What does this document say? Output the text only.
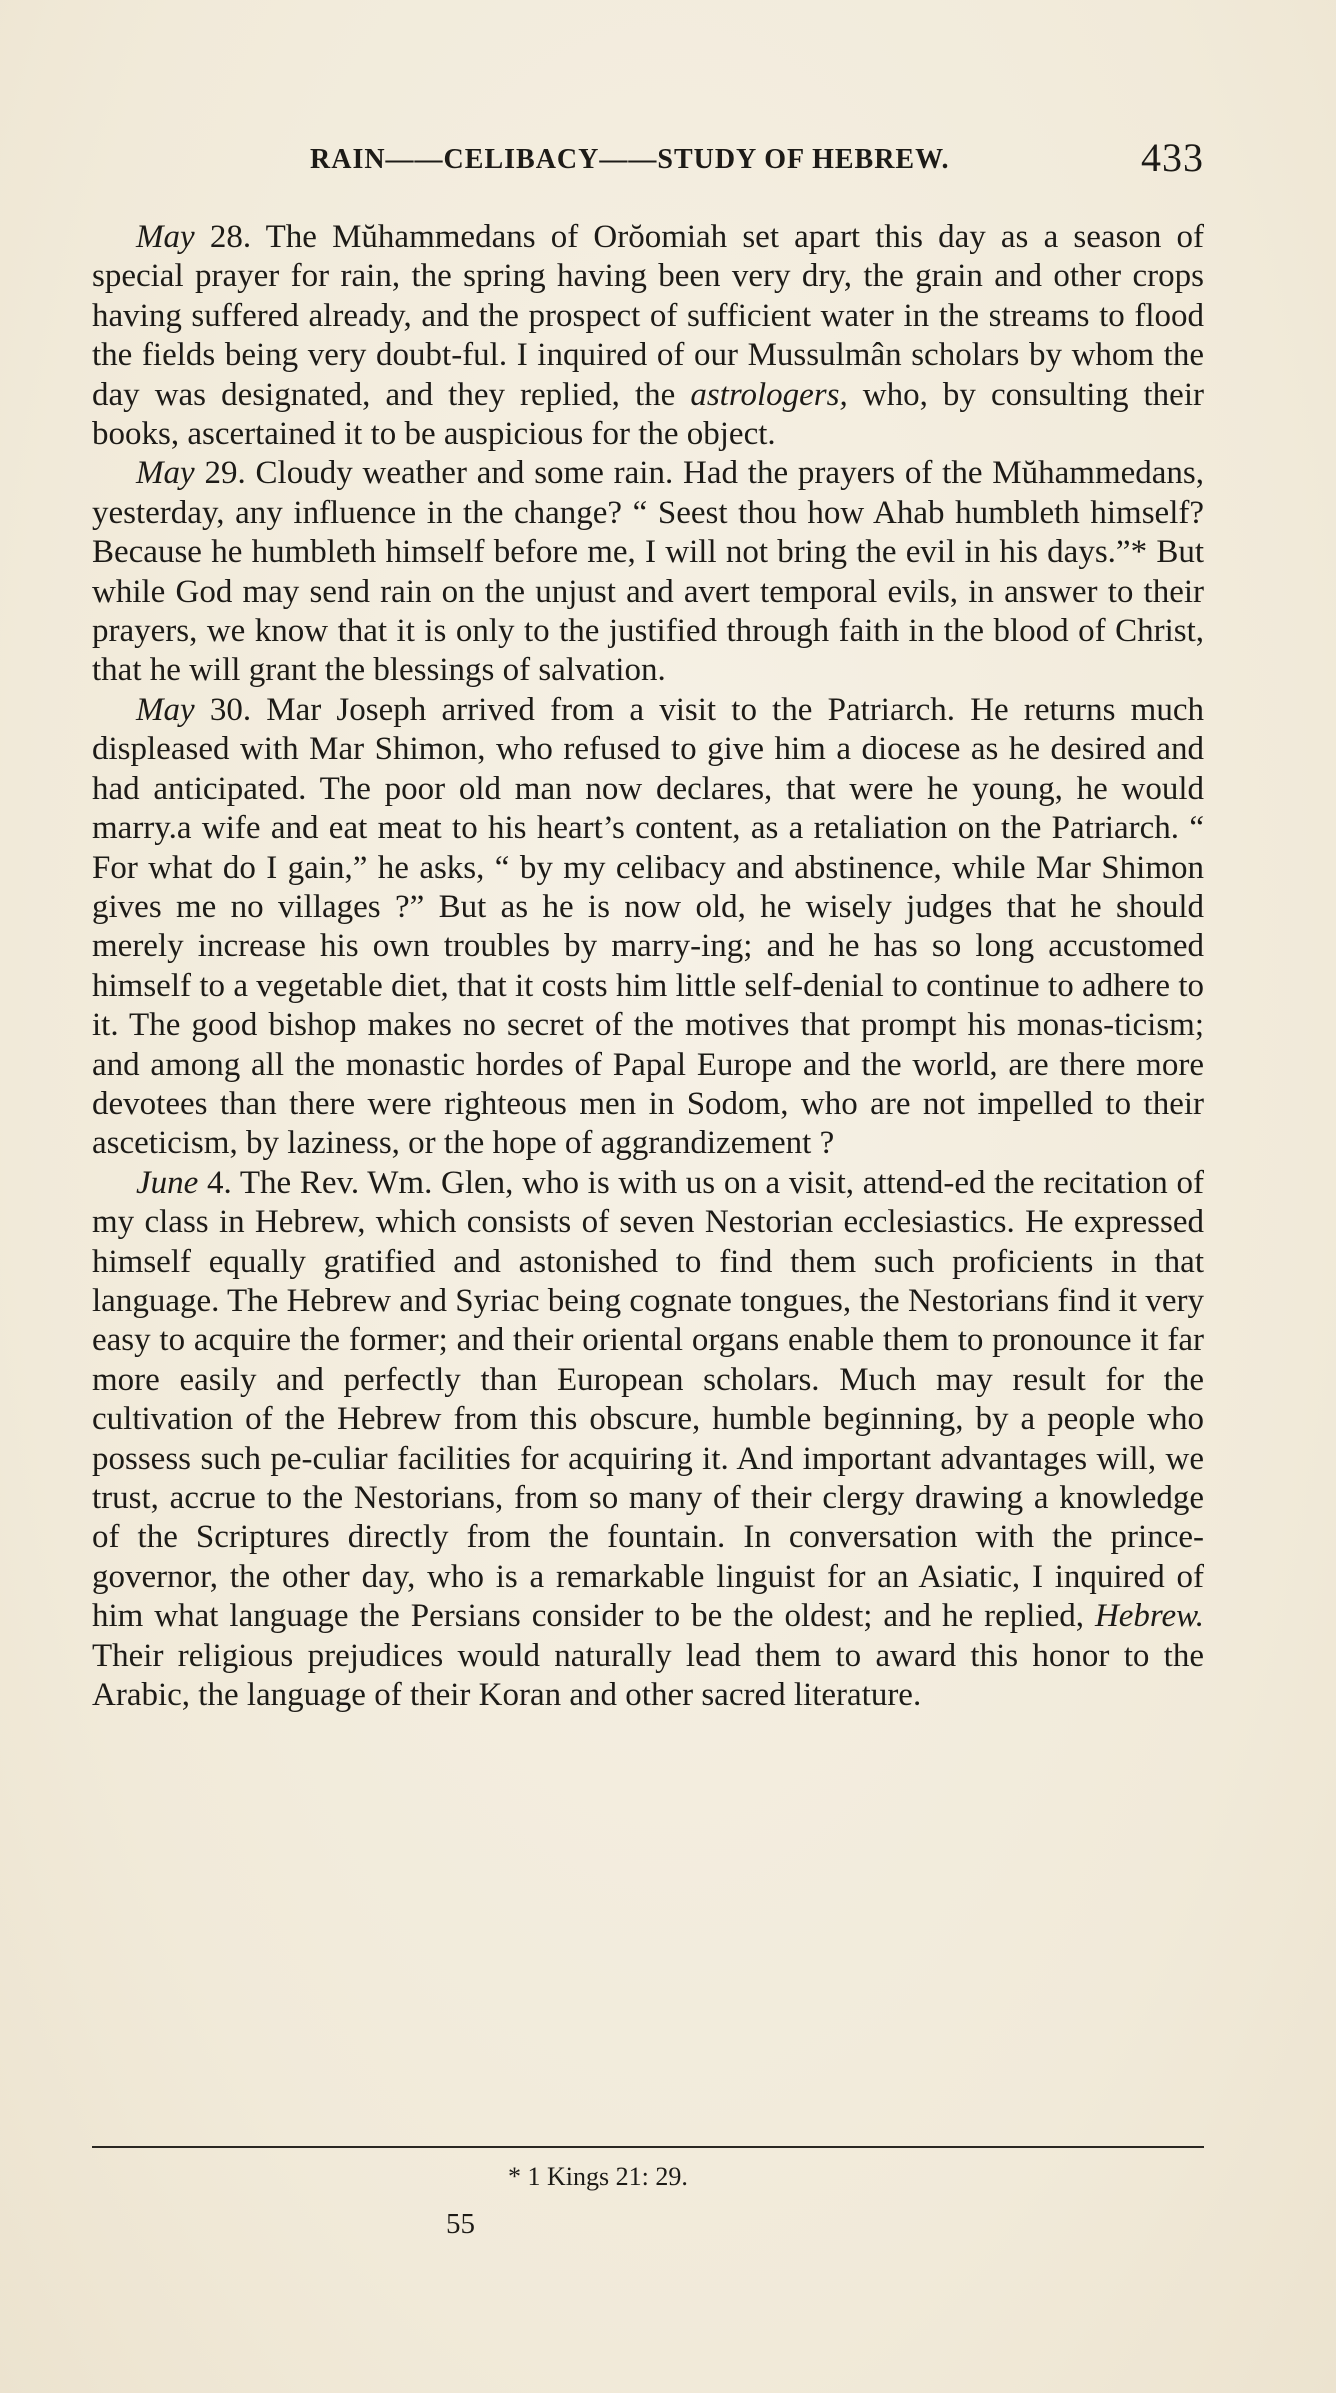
RAIN——CELIBACY——STUDY OF HEBREW.	433

May 28. The Mŭhammedans of Orŏomiah set apart this day as a season of special prayer for rain, the spring having been very dry, the grain and other crops having suffered already, and the prospect of sufficient water in the streams to flood the fields being very doubt-ful. I inquired of our Mussulmân scholars by whom the day was designated, and they replied, the astrologers, who, by consulting their books, ascertained it to be auspicious for the object.

May 29. Cloudy weather and some rain. Had the prayers of the Mŭhammedans, yesterday, any influence in the change? “ Seest thou how Ahab humbleth himself? Because he humbleth himself before me, I will not bring the evil in his days.”* But while God may send rain on the unjust and avert temporal evils, in answer to their prayers, we know that it is only to the justified through faith in the blood of Christ, that he will grant the blessings of salvation.

May 30. Mar Joseph arrived from a visit to the Patriarch. He returns much displeased with Mar Shimon, who refused to give him a diocese as he desired and had anticipated. The poor old man now declares, that were he young, he would marry.a wife and eat meat to his heart’s content, as a retaliation on the Patriarch. “ For what do I gain,” he asks, “ by my celibacy and abstinence, while Mar Shimon gives me no villages ?” But as he is now old, he wisely judges that he should merely increase his own troubles by marry-ing; and he has so long accustomed himself to a vegetable diet, that it costs him little self-denial to continue to adhere to it. The good bishop makes no secret of the motives that prompt his monas-ticism; and among all the monastic hordes of Papal Europe and the world, are there more devotees than there were righteous men in Sodom, who are not impelled to their asceticism, by laziness, or the hope of aggrandizement ?

June 4. The Rev. Wm. Glen, who is with us on a visit, attend-ed the recitation of my class in Hebrew, which consists of seven Nestorian ecclesiastics. He expressed himself equally gratified and astonished to find them such proficients in that language. The Hebrew and Syriac being cognate tongues, the Nestorians find it very easy to acquire the former; and their oriental organs enable them to pronounce it far more easily and perfectly than European scholars. Much may result for the cultivation of the Hebrew from this obscure, humble beginning, by a people who possess such pe-culiar facilities for acquiring it. And important advantages will, we trust, accrue to the Nestorians, from so many of their clergy drawing a knowledge of the Scriptures directly from the fountain. In conversation with the prince-governor, the other day, who is a remarkable linguist for an Asiatic, I inquired of him what language the Persians consider to be the oldest; and he replied, Hebrew. Their religious prejudices would naturally lead them to award this honor to the Arabic, the language of their Koran and other sacred literature.

* 1 Kings 21: 29.
55
